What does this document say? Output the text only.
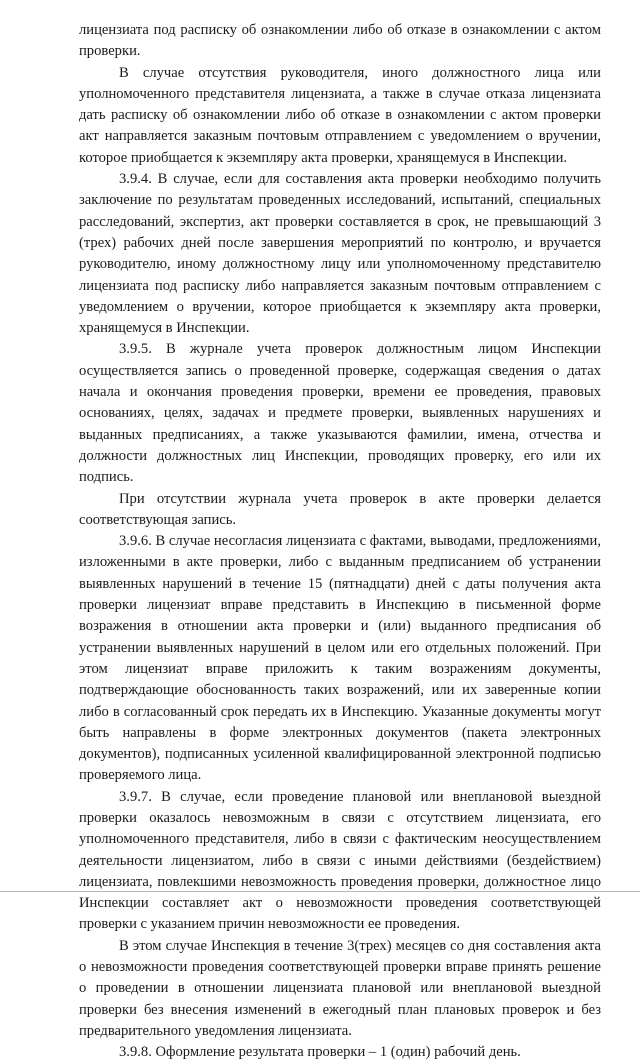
лицензиата под расписку об ознакомлении либо об отказе в ознакомлении с актом проверки.

В случае отсутствия руководителя, иного должностного лица или уполномоченного представителя лицензиата, а также в случае отказа лицензиата дать расписку об ознакомлении либо об отказе в ознакомлении с актом проверки акт направляется заказным почтовым отправлением с уведомлением о вручении, которое приобщается к экземпляру акта проверки, хранящемуся в Инспекции.

3.9.4. В случае, если для составления акта проверки необходимо получить заключение по результатам проведенных исследований, испытаний, специальных расследований, экспертиз, акт проверки составляется в срок, не превышающий 3 (трех) рабочих дней после завершения мероприятий по контролю, и вручается руководителю, иному должностному лицу или уполномоченному представителю лицензиата под расписку либо направляется заказным почтовым отправлением с уведомлением о вручении, которое приобщается к экземпляру акта проверки, хранящемуся в Инспекции.

3.9.5. В журнале учета проверок должностным лицом Инспекции осуществляется запись о проведенной проверке, содержащая сведения о датах начала и окончания проведения проверки, времени ее проведения, правовых основаниях, целях, задачах и предмете проверки, выявленных нарушениях и выданных предписаниях, а также указываются фамилии, имена, отчества и должности должностных лиц Инспекции, проводящих проверку, его или их подпись.

При отсутствии журнала учета проверок в акте проверки делается соответствующая запись.

3.9.6. В случае несогласия лицензиата с фактами, выводами, предложениями, изложенными в акте проверки, либо с выданным предписанием об устранении выявленных нарушений в течение 15 (пятнадцати) дней с даты получения акта проверки лицензиат вправе представить в Инспекцию в письменной форме возражения в отношении акта проверки и (или) выданного предписания об устранении выявленных нарушений в целом или его отдельных положений. При этом лицензиат вправе приложить к таким возражениям документы, подтверждающие обоснованность таких возражений, или их заверенные копии либо в согласованный срок передать их в Инспекцию. Указанные документы могут быть направлены в форме электронных документов (пакета электронных документов), подписанных усиленной квалифицированной электронной подписью проверяемого лица.

3.9.7. В случае, если проведение плановой или внеплановой выездной проверки оказалось невозможным в связи с отсутствием лицензиата, его уполномоченного представителя, либо в связи с фактическим неосуществлением деятельности лицензиатом, либо в связи с иными действиями (бездействием) лицензиата, повлекшими невозможность проведения проверки, должностное лицо Инспекции составляет акт о невозможности проведения соответствующей проверки с указанием причин невозможности ее проведения.

В этом случае Инспекция в течение 3(трех) месяцев со дня составления акта о невозможности проведения соответствующей проверки вправе принять решение о проведении в отношении лицензиата плановой или внеплановой выездной проверки без внесения изменений в ежегодный план плановых проверок и без предварительного уведомления лицензиата.

3.9.8. Оформление результата проверки – 1 (один) рабочий день.
